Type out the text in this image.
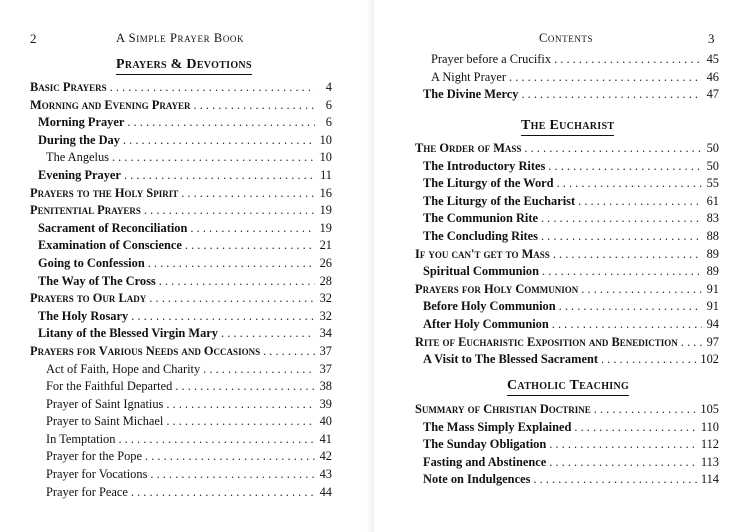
2	A Simple Prayer Book
Prayers & Devotions
Basic Prayers . . .	4
Morning and Evening Prayer . . .	6
Morning Prayer . . .	6
During the Day . . .	10
The Angelus . . .	10
Evening Prayer . . .	11
Prayers to the Holy Spirit . . .	16
Penitential Prayers . . .	19
Sacrament of Reconciliation . . .	19
Examination of Conscience . . .	21
Going to Confession . . .	26
The Way of The Cross . . .	28
Prayers to Our Lady . . .	32
The Holy Rosary . . .	32
Litany of the Blessed Virgin Mary . . .	34
Prayers for Various Needs and Occasions . . .	37
Act of Faith, Hope and Charity . . .	37
For the Faithful Departed . . .	38
Prayer of Saint Ignatius . . .	39
Prayer to Saint Michael . . .	40
In Temptation . . .	41
Prayer for the Pope . . .	42
Prayer for Vocations . . .	43
Prayer for Peace . . .	44
Contents	3
Prayer before a Crucifix . . .	45
A Night Prayer . . .	46
The Divine Mercy . . .	47
The Eucharist
The Order of Mass . . .	50
The Introductory Rites . . .	50
The Liturgy of the Word . . .	55
The Liturgy of the Eucharist . . .	61
The Communion Rite . . .	83
The Concluding Rites . . .	88
If you can't get to Mass . . .	89
Spiritual Communion . . .	89
Prayers for Holy Communion . . .	91
Before Holy Communion . . .	91
After Holy Communion . . .	94
Rite of Eucharistic Exposition and Benediction . . . 97
A Visit to The Blessed Sacrament . . .	102
Catholic Teaching
Summary of Christian Doctrine . . .	105
The Mass Simply Explained . . .	110
The Sunday Obligation . . .	112
Fasting and Abstinence . . .	113
Note on Indulgences . . .	114
